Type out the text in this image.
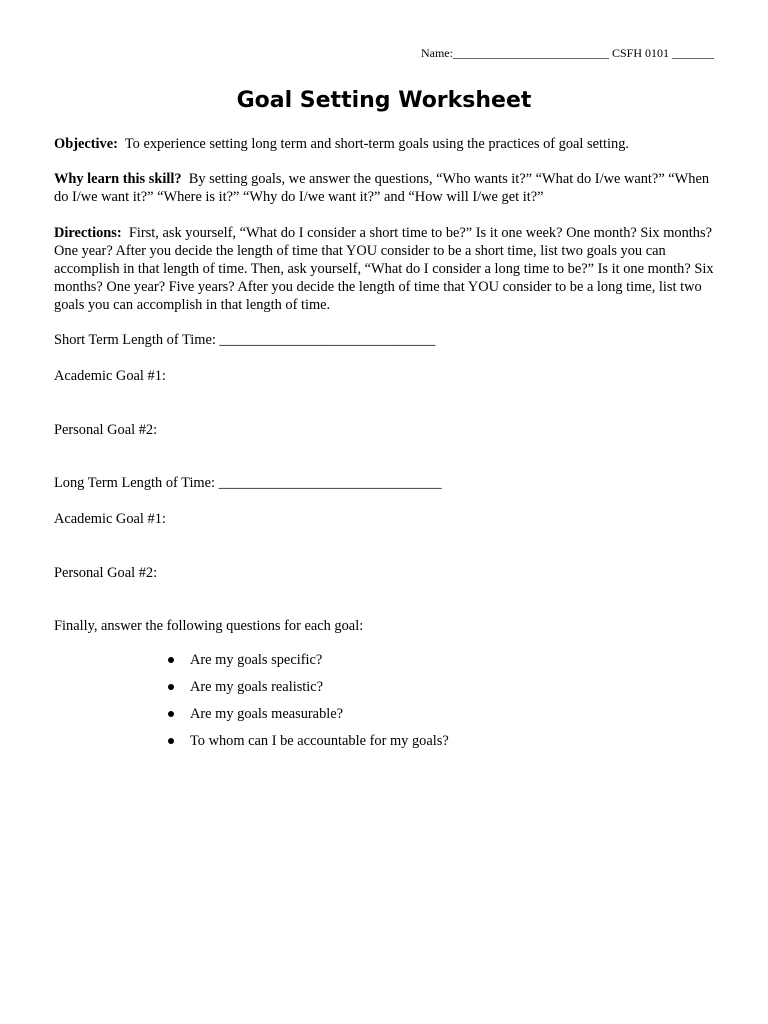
Name:__________________________ CSFH 0101 _______
Goal Setting Worksheet

Objective: To experience setting long term and short-term goals using the practices of goal setting.

Why learn this skill? By setting goals, we answer the questions, “Who wants it?” “What do I/we want?” “When do I/we want it?” “Where is it?” “Why do I/we want it?” and “How will I/we get it?”

Directions: First, ask yourself, “What do I consider a short time to be?” Is it one week? One month? Six months? One year? After you decide the length of time that YOU consider to be a short time, list two goals you can accomplish in that length of time. Then, ask yourself, “What do I consider a long time to be?” Is it one month? Six months? One year? Five years? After you decide the length of time that YOU consider to be a long time, list two goals you can accomplish in that length of time.

Short Term Length of Time: ______________________________
Academic Goal #1:
Personal Goal #2:
Long Term Length of Time: _______________________________
Academic Goal #1:
Personal Goal #2:
Finally, answer the following questions for each goal:
Are my goals specific?
Are my goals realistic?
Are my goals measurable?
To whom can I be accountable for my goals?
